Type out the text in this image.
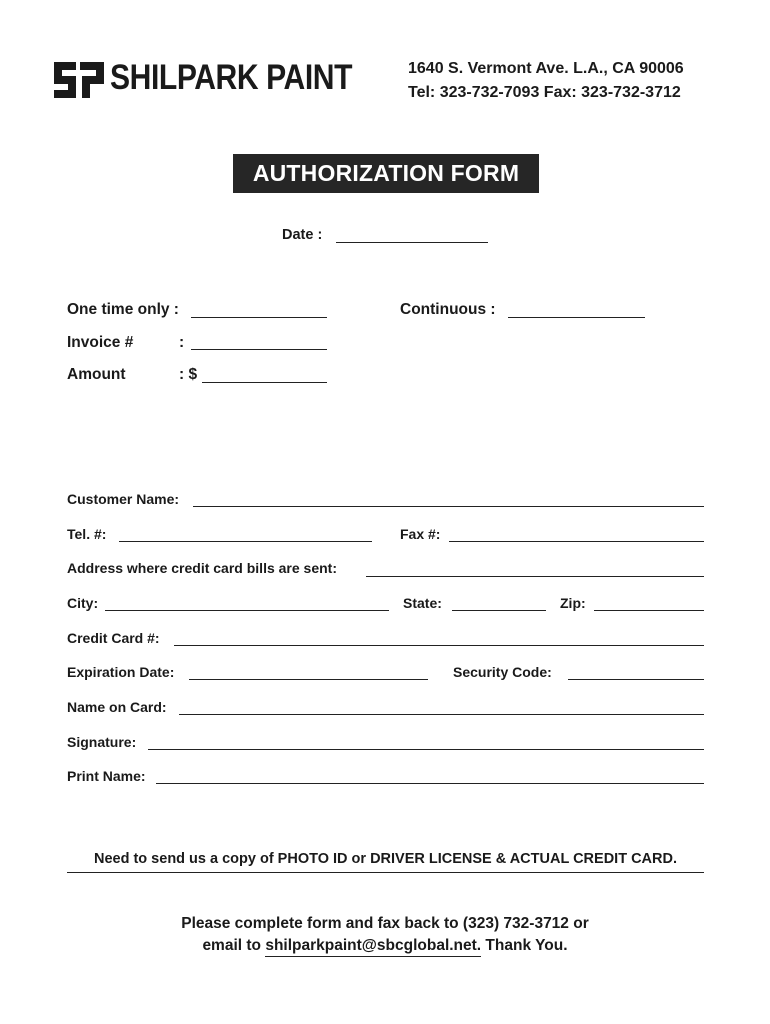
SHILPARK PAINT	1640 S. Vermont Ave. L.A., CA 90006
Tel: 323-732-7093 Fax: 323-732-3712
AUTHORIZATION FORM
Date :
One time only :	Continuous :
Invoice #	:
Amount	: $
Customer Name:
Tel. #:	Fax #:
Address where credit card bills are sent:
City:	State:	Zip:
Credit Card #:
Expiration Date:	Security Code:
Name on Card:
Signature:
Print Name:
Need to send us a copy of PHOTO ID or DRIVER LICENSE & ACTUAL CREDIT CARD.
Please complete form and fax back to (323) 732-3712 or
email to shilparkpaint@sbcglobal.net. Thank You.
